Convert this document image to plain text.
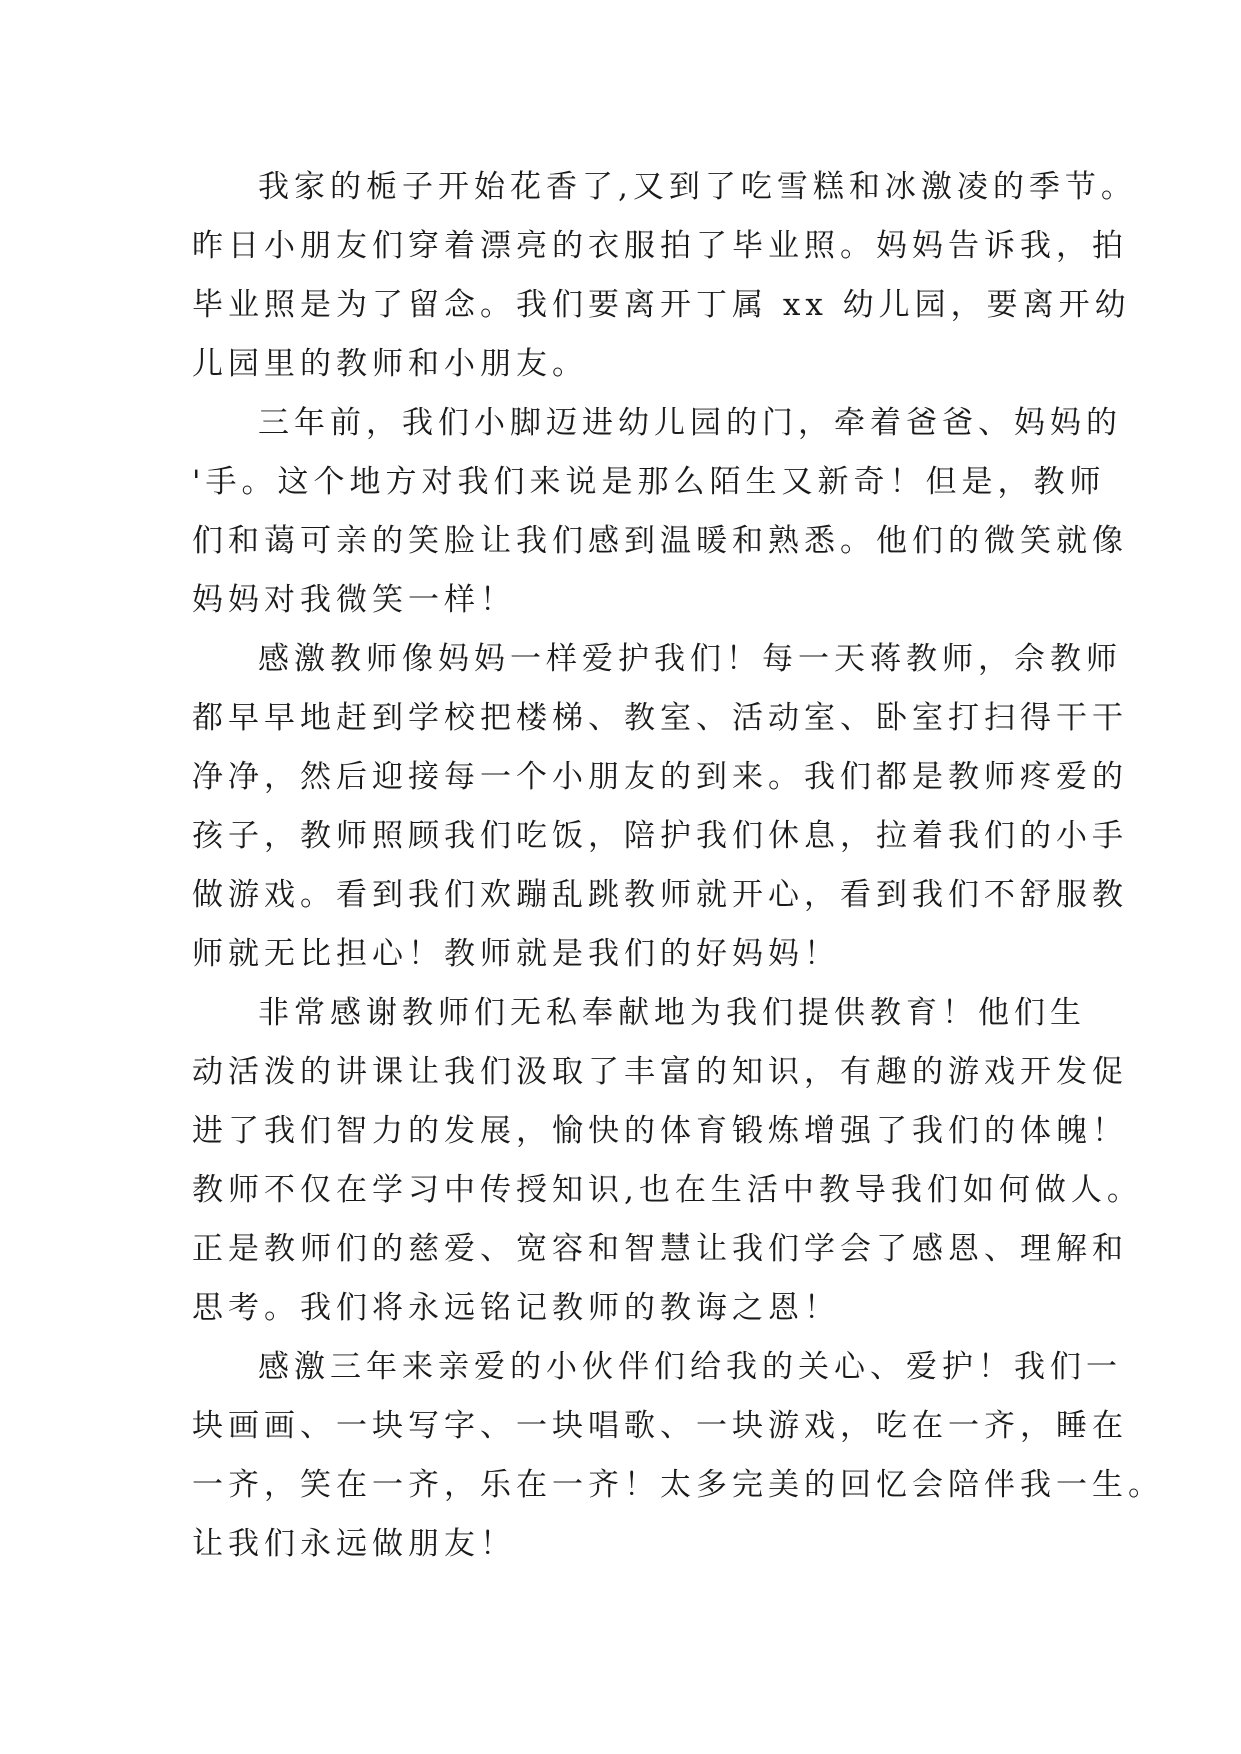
我家的栀子开始花香了,又到了吃雪糕和冰激凌的季节。
昨日小朋友们穿着漂亮的衣服拍了毕业照。妈妈告诉我，拍
毕业照是为了留念。我们要离开丁属 xx 幼儿园，要离开幼
儿园里的教师和小朋友。
三年前，我们小脚迈进幼儿园的门，牵着爸爸、妈妈的
'手。这个地方对我们来说是那么陌生又新奇！但是，教师
们和蔼可亲的笑脸让我们感到温暖和熟悉。他们的微笑就像
妈妈对我微笑一样！
感激教师像妈妈一样爱护我们！每一天蒋教师，佘教师
都早早地赶到学校把楼梯、教室、活动室、卧室打扫得干干
净净，然后迎接每一个小朋友的到来。我们都是教师疼爱的
孩子，教师照顾我们吃饭，陪护我们休息，拉着我们的小手
做游戏。看到我们欢蹦乱跳教师就开心，看到我们不舒服教
师就无比担心！教师就是我们的好妈妈！
非常感谢教师们无私奉献地为我们提供教育！他们生
动活泼的讲课让我们汲取了丰富的知识，有趣的游戏开发促
进了我们智力的发展，愉快的体育锻炼增强了我们的体魄！
教师不仅在学习中传授知识,也在生活中教导我们如何做人。
正是教师们的慈爱、宽容和智慧让我们学会了感恩、理解和
思考。我们将永远铭记教师的教诲之恩！
感激三年来亲爱的小伙伴们给我的关心、爱护！我们一
块画画、一块写字、一块唱歌、一块游戏，吃在一齐，睡在
一齐，笑在一齐，乐在一齐！太多完美的回忆会陪伴我一生。
让我们永远做朋友！
